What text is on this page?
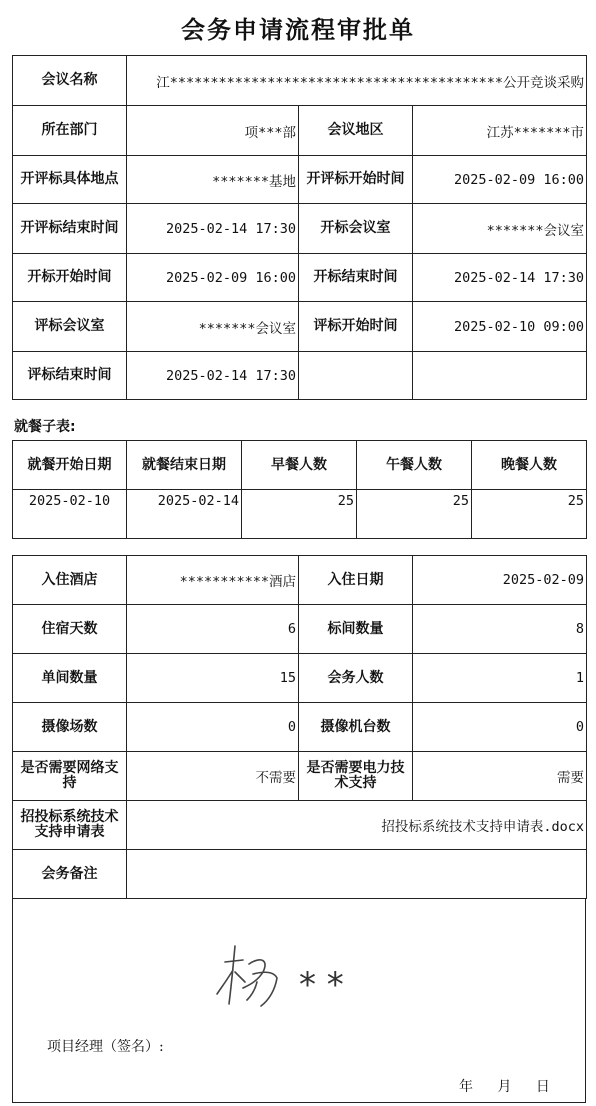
会务申请流程审批单
会议名称	江*****************************************公开竞谈采购		
所在部门	项***部	会议地区	江苏*******市
开评标具体地点	*******基地	开评标开始时间	2025-02-09 16:00
开评标结束时间	2025-02-14 17:30	开标会议室	*******会议室
开标开始时间	2025-02-09 16:00	开标结束时间	2025-02-14 17:30
评标会议室	*******会议室	评标开始时间	2025-02-10 09:00
评标结束时间	2025-02-14 17:30		
就餐子表:
就餐开始日期	就餐结束日期	早餐人数	午餐人数	晚餐人数
2025-02-10	2025-02-14	25	25	25
入住酒店	***********酒店	入住日期	2025-02-09
住宿天数	6	标间数量	8
单间数量	15	会务人数	1
摄像场数	0	摄像机台数	0
是否需要网络支持	不需要	是否需要电力技术支持	需要
招投标系统技术支持申请表	招投标系统技术支持申请表.docx		
会务备注			
* *
项目经理（签名）:
年 月 日
